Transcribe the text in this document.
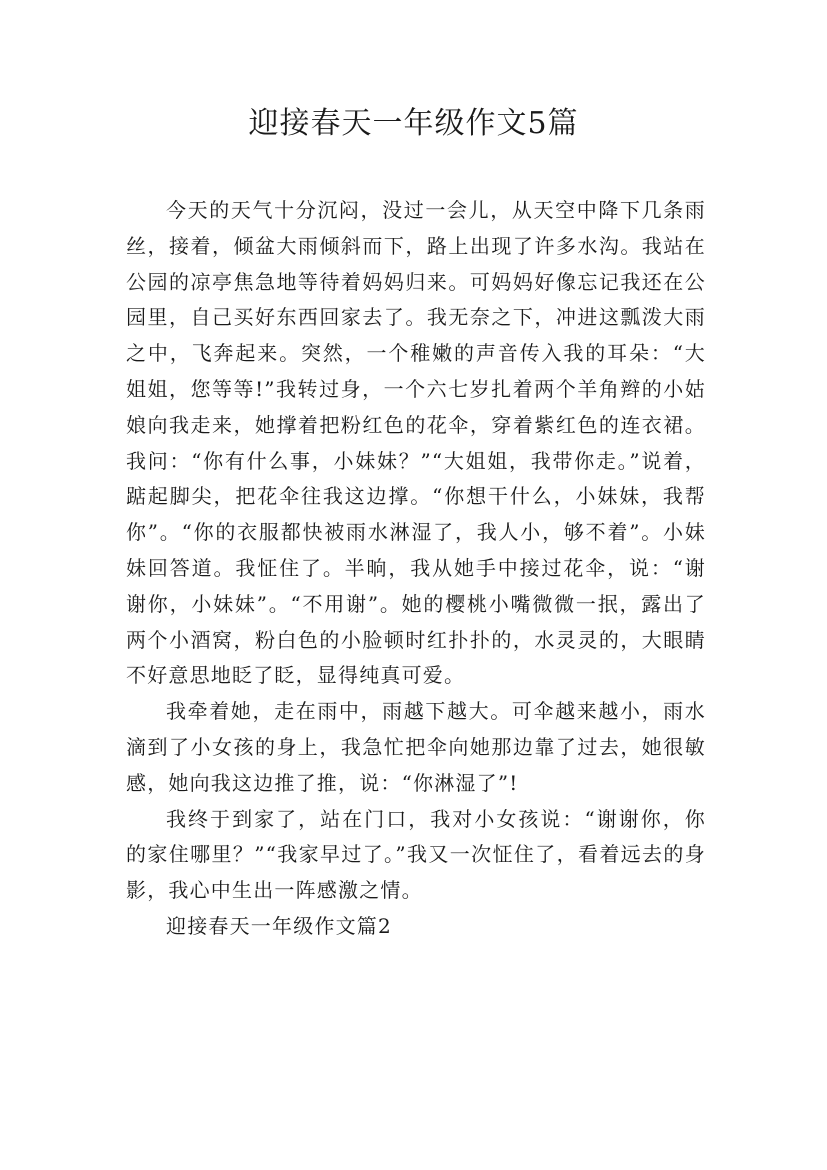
迎接春天一年级作文5篇

今天的天气十分沉闷，没过一会儿，从天空中降下几条雨丝，接着，倾盆大雨倾斜而下，路上出现了许多水沟。我站在公园的凉亭焦急地等待着妈妈归来。可妈妈好像忘记我还在公园里，自己买好东西回家去了。我无奈之下，冲进这瓢泼大雨之中，飞奔起来。突然，一个稚嫩的声音传入我的耳朵：“大姐姐，您等等!”我转过身，一个六七岁扎着两个羊角辫的小姑娘向我走来，她撑着把粉红色的花伞，穿着紫红色的连衣裙。我问：“你有什么事，小妹妹？”“大姐姐，我带你走。”说着，踮起脚尖，把花伞往我这边撑。“你想干什么，小妹妹，我帮你”。“你的衣服都快被雨水淋湿了，我人小，够不着”。小妹妹回答道。我怔住了。半晌，我从她手中接过花伞，说：“谢谢你，小妹妹”。“不用谢”。她的樱桃小嘴微微一抿，露出了两个小酒窝，粉白色的小脸顿时红扑扑的，水灵灵的，大眼睛不好意思地眨了眨，显得纯真可爱。

我牵着她，走在雨中，雨越下越大。可伞越来越小，雨水滴到了小女孩的身上，我急忙把伞向她那边靠了过去，她很敏感，她向我这边推了推，说：“你淋湿了”!

我终于到家了，站在门口，我对小女孩说：“谢谢你，你的家住哪里？”“我家早过了。”我又一次怔住了，看着远去的身影，我心中生出一阵感激之情。

迎接春天一年级作文篇2
